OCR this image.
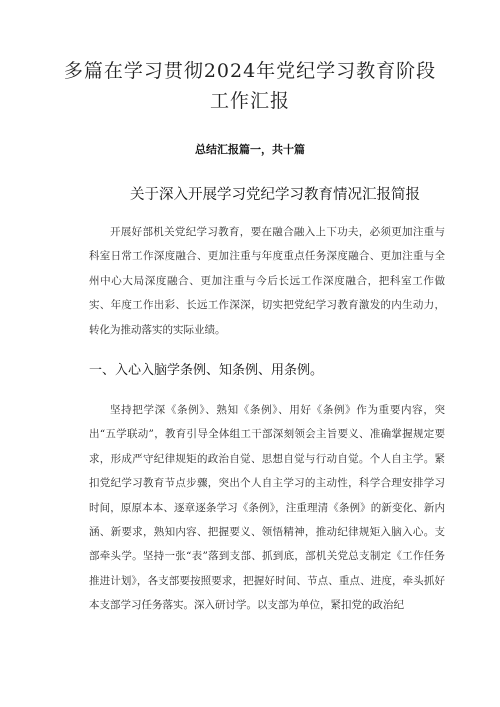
多篇在学习贯彻2024年党纪学习教育阶段
工作汇报
总结汇报篇一，共十篇
关于深入开展学习党纪学习教育情况汇报简报

开展好部机关党纪学习教育，要在融合融入上下功夫，必须更加注重与科室日常工作深度融合、更加注重与年度重点任务深度融合、更加注重与全州中心大局深度融合、更加注重与今后长远工作深度融合，把科室工作做实、年度工作出彩、长远工作深深，切实把党纪学习教育激发的内生动力，转化为推动落实的实际业绩。

一、入心入脑学条例、知条例、用条例。

坚持把学深《条例》、熟知《条例》、用好《条例》作为重要内容，突出“五学联动”，教育引导全体组工干部深刻领会主旨要义、准确掌握规定要求，形成严守纪律规矩的政治自觉、思想自觉与行动自觉。个人自主学。紧扣党纪学习教育节点步骤，突出个人自主学习的主动性，科学合理安排学习时间，原原本本、逐章逐条学习《条例》，注重理清《条例》的新变化、新内涵、新要求，熟知内容、把握要义、领悟精神，推动纪律规矩入脑入心。支部牵头学。坚持一张“表”落到支部、抓到底，部机关党总支制定《工作任务推进计划》，各支部要按照要求，把握好时间、节点、重点、进度，牵头抓好本支部学习任务落实。深入研讨学。以支部为单位，紧扣党的政治纪
